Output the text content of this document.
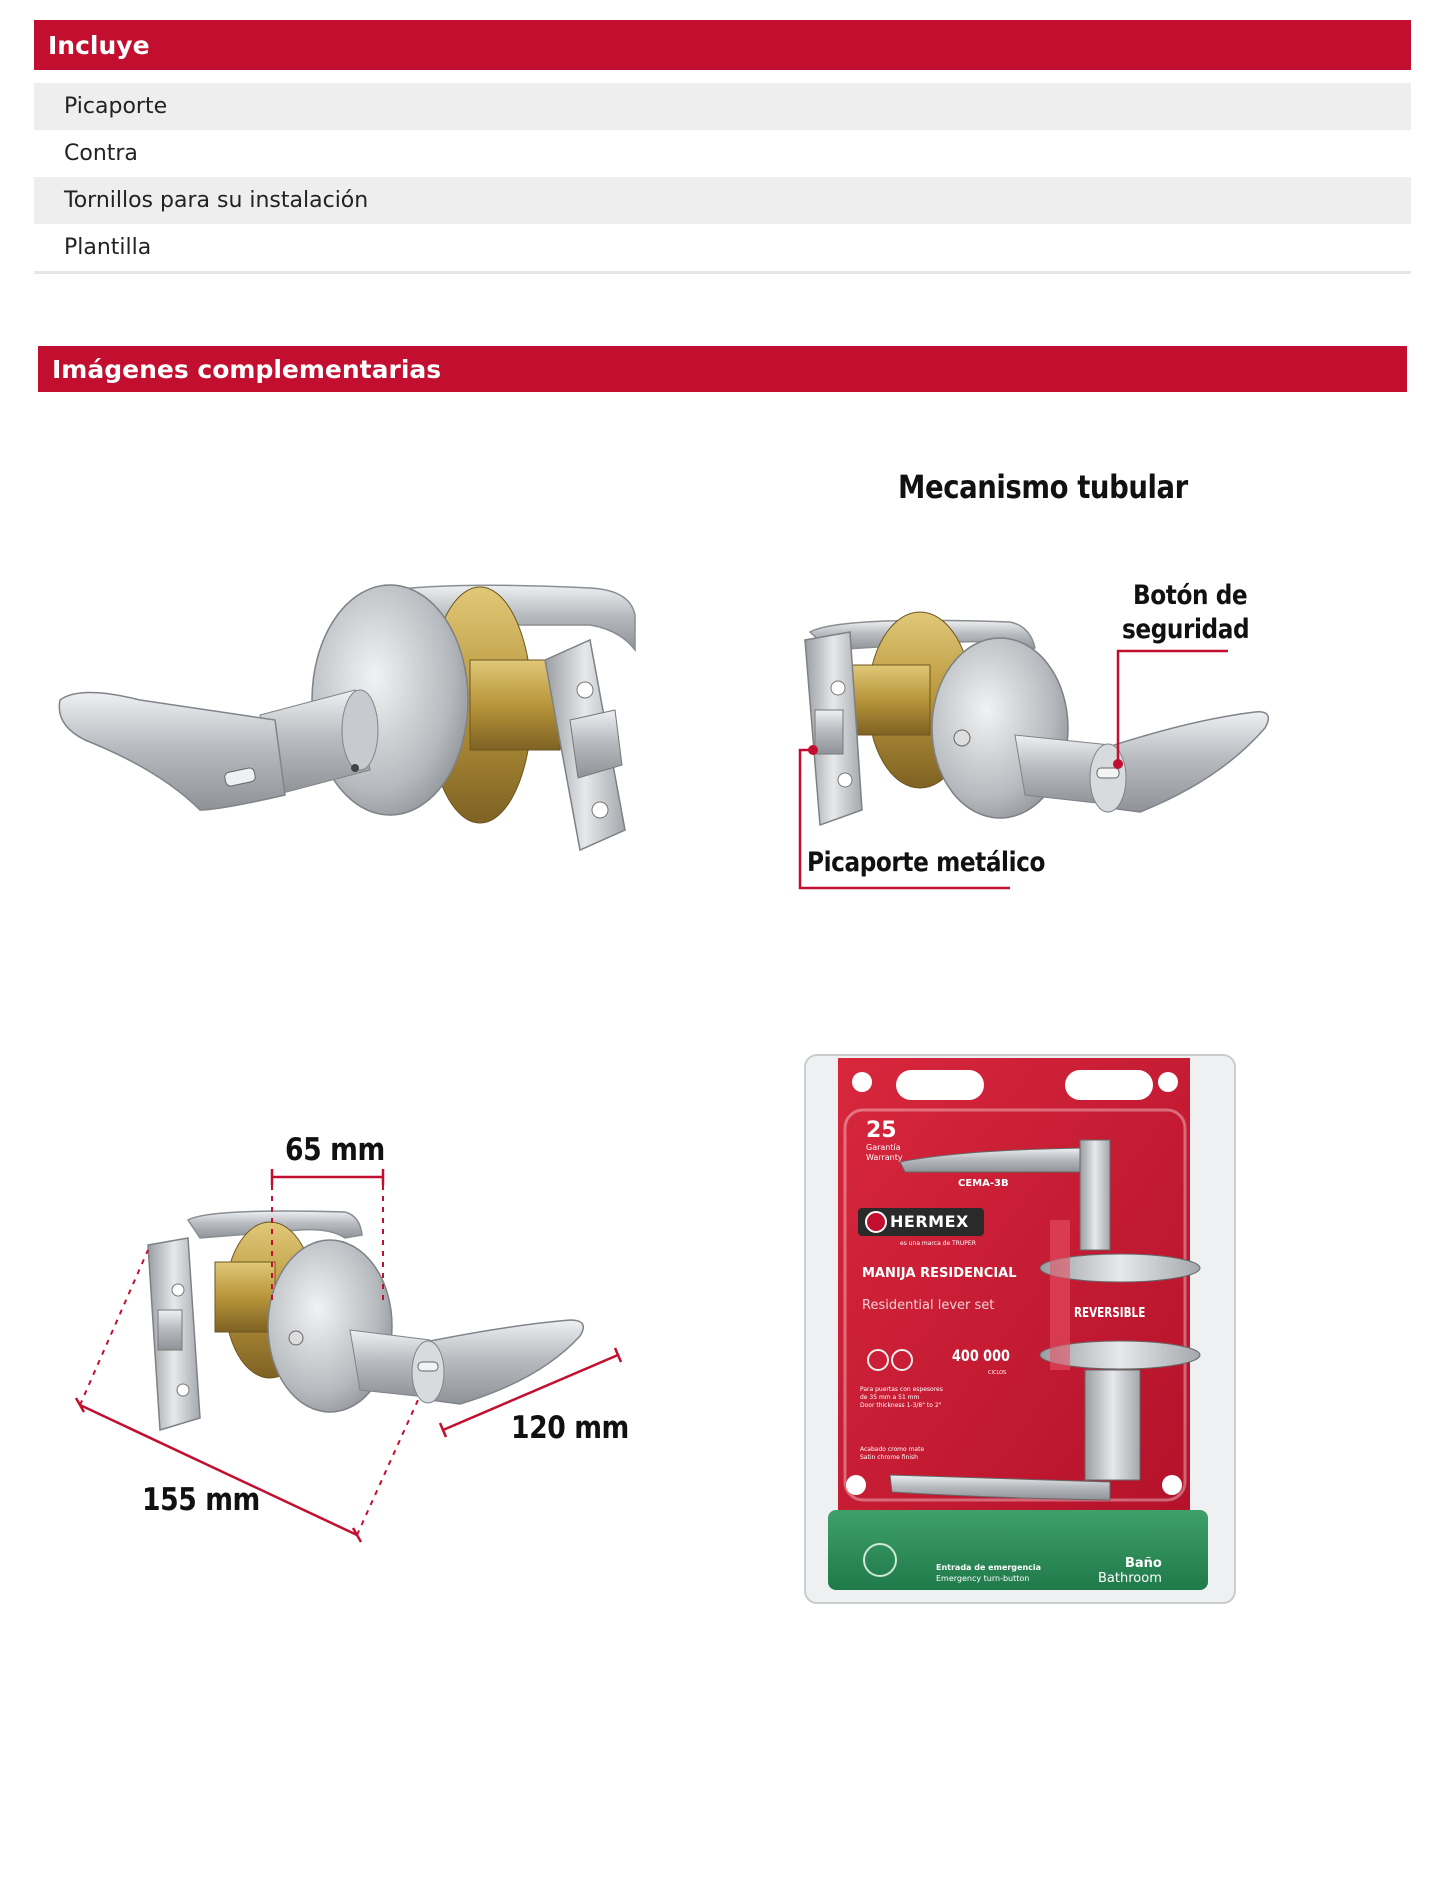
Incluye
Picaporte
Contra
Tornillos para su instalación
Plantilla
Imágenes complementarias
Mecanismo tubular
Botón de
seguridad
Picaporte metálico
65 mm
155 mm
120 mm
25
Garantía
Warranty
CEMA-3B
HERMEX
es una marca de TRUPER
MANIJA RESIDENCIAL
Residential lever set
REVERSIBLE
400 000
CICLOS
Para puertas con espesores de 35 mm a 51 mm
Door thickness 1-3/8" to 2"
Acabado cromo mate
Satin chrome finish
Entrada de emergencia
Emergency turn-button
Baño
Bathroom
